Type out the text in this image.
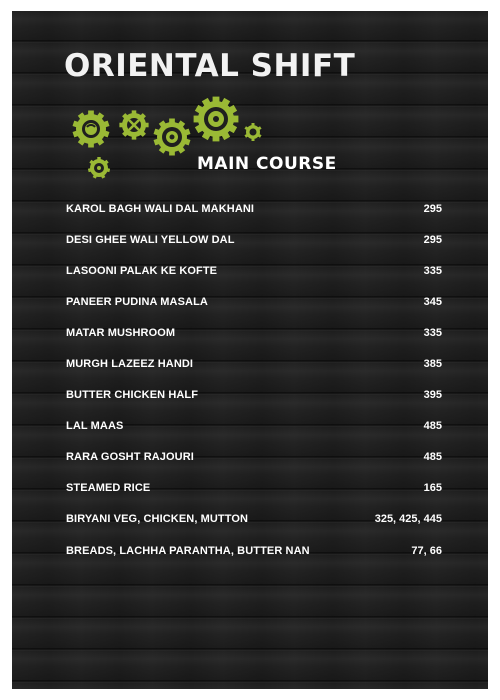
ORIENTAL SHIFT
MAIN COURSE
KAROL BAGH WALI DAL MAKHANI	295
DESI GHEE WALI YELLOW DAL	295
LASOONI PALAK KE KOFTE	335
PANEER PUDINA MASALA	345
MATAR MUSHROOM	335
MURGH LAZEEZ HANDI	385
BUTTER CHICKEN HALF	395
LAL MAAS	485
RARA GOSHT RAJOURI	485
STEAMED RICE	165
BIRYANI VEG, CHICKEN, MUTTON	325, 425, 445
BREADS, LACHHA PARANTHA, BUTTER NAN	77, 66
